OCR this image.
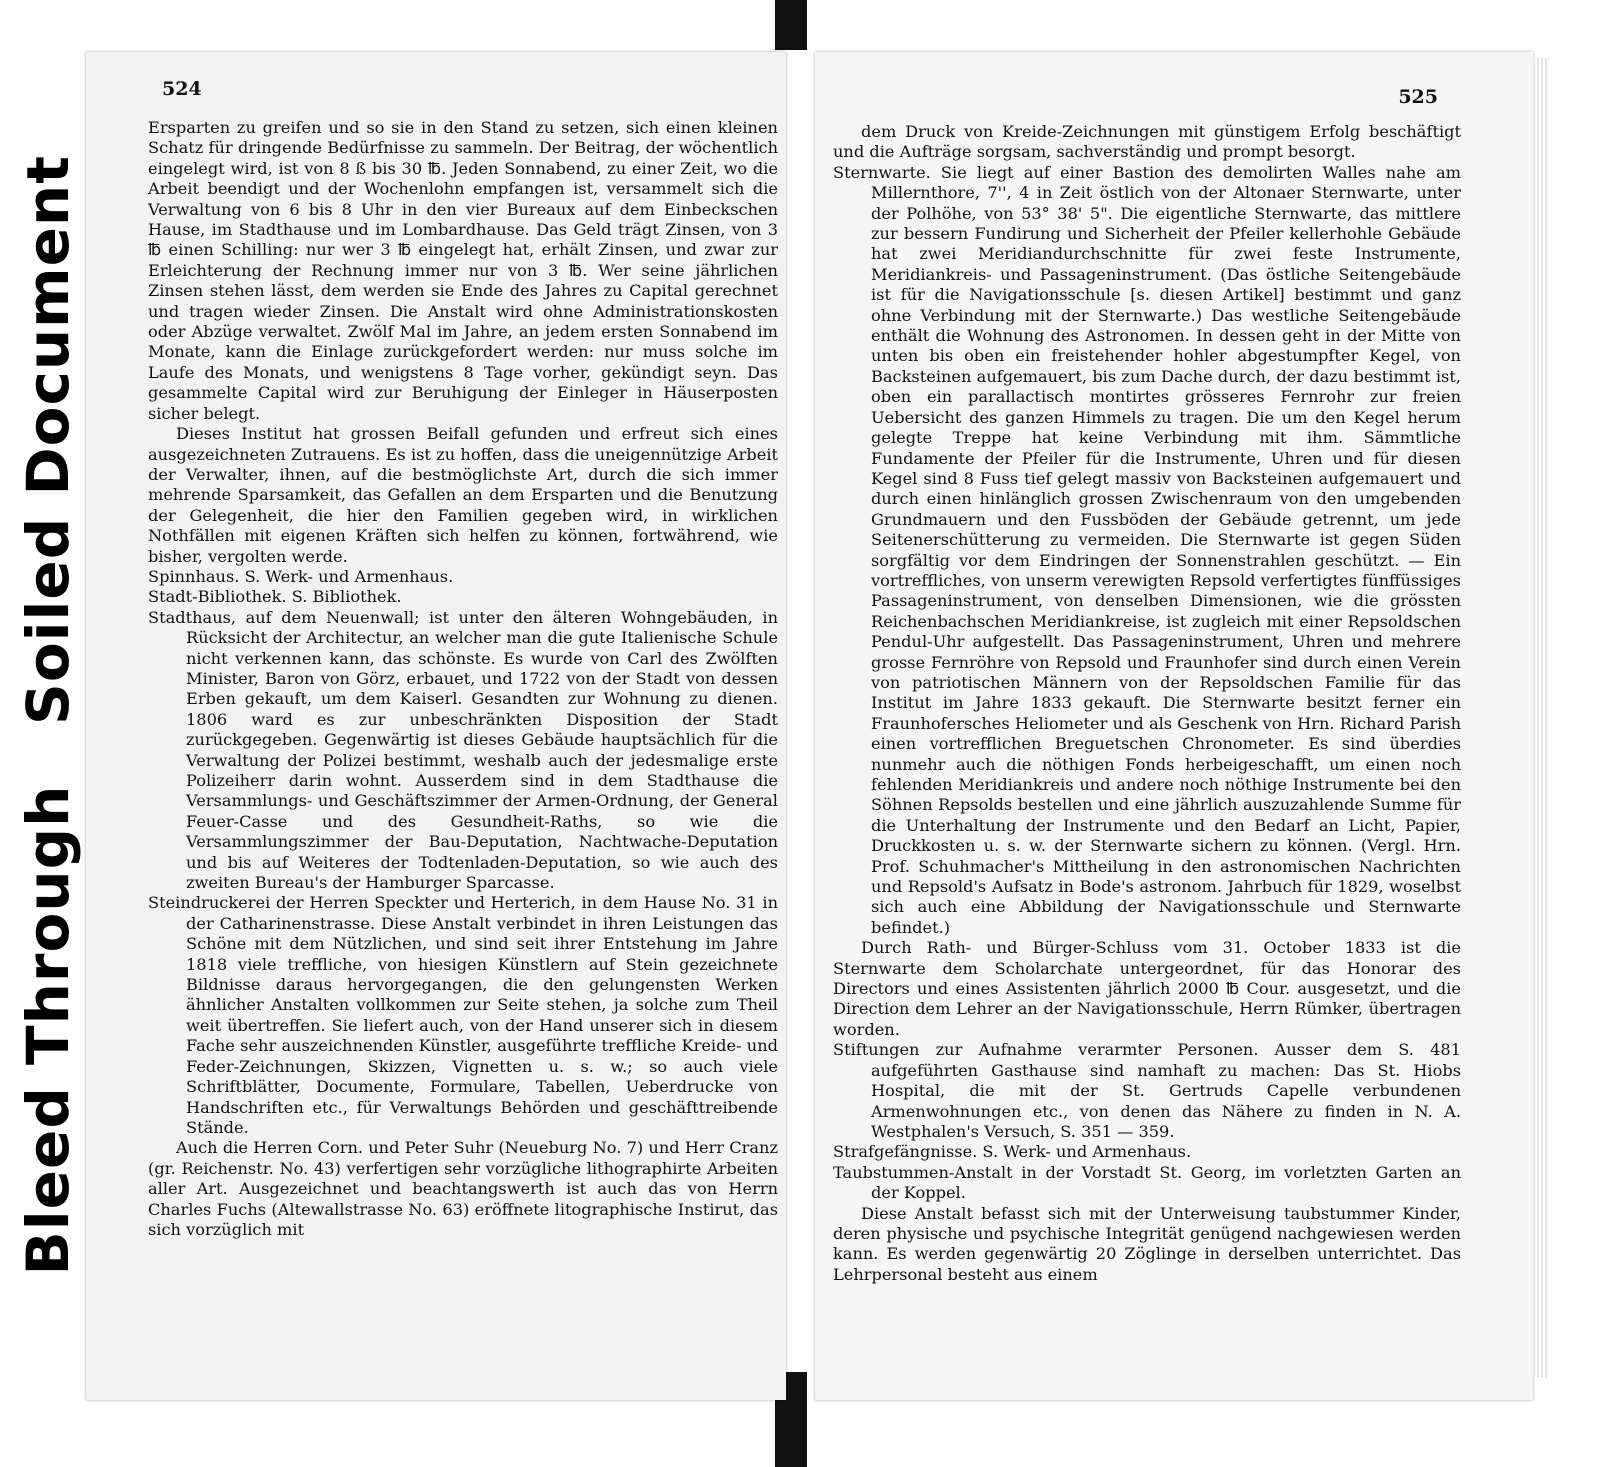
Soiled Document
Bleed Through
524

Ersparten zu greifen und so sie in den Stand zu setzen, sich einen kleinen Schatz für dringende Bedürfnisse zu sammeln. Der Beitrag, der wöchentlich eingelegt wird, ist von 8 ß bis 30 ℔. Jeden Sonnabend, zu einer Zeit, wo die Arbeit beendigt und der Wochenlohn empfangen ist, versammelt sich die Verwaltung von 6 bis 8 Uhr in den vier Bureaux auf dem Einbeckschen Hause, im Stadthause und im Lombardhause. Das Geld trägt Zinsen, von 3 ℔ einen Schilling: nur wer 3 ℔ eingelegt hat, erhält Zinsen, und zwar zur Erleichterung der Rechnung immer nur von 3 ℔. Wer seine jährlichen Zinsen stehen lässt, dem werden sie Ende des Jahres zu Capital gerechnet und tragen wieder Zinsen. Die Anstalt wird ohne Administrationskosten oder Abzüge verwaltet. Zwölf Mal im Jahre, an jedem ersten Sonnabend im Monate, kann die Einlage zurückgefordert werden: nur muss solche im Laufe des Monats, und wenigstens 8 Tage vorher, gekündigt seyn. Das gesammelte Capital wird zur Beruhigung der Einleger in Häuserposten sicher belegt.

Dieses Institut hat grossen Beifall gefunden und erfreut sich eines ausgezeichneten Zutrauens. Es ist zu hoffen, dass die uneigennützige Arbeit der Verwalter, ihnen, auf die bestmöglichste Art, durch die sich immer mehrende Sparsamkeit, das Gefallen an dem Ersparten und die Benutzung der Gelegenheit, die hier den Familien gegeben wird, in wirklichen Nothfällen mit eigenen Kräften sich helfen zu können, fortwährend, wie bisher, vergolten werde.

Spinnhaus. S. Werk- und Armenhaus.

Stadt-Bibliothek. S. Bibliothek.

Stadthaus, auf dem Neuenwall; ist unter den älteren Wohngebäuden, in Rücksicht der Architectur, an welcher man die gute Italienische Schule nicht verkennen kann, das schönste. Es wurde von Carl des Zwölften Minister, Baron von Görz, erbauet, und 1722 von der Stadt von dessen Erben gekauft, um dem Kaiserl. Gesandten zur Wohnung zu dienen. 1806 ward es zur unbeschränkten Disposition der Stadt zurückgegeben. Gegenwärtig ist dieses Gebäude hauptsächlich für die Verwaltung der Polizei bestimmt, weshalb auch der jedesmalige erste Polizeiherr darin wohnt. Ausserdem sind in dem Stadthause die Versammlungs- und Geschäftszimmer der Armen-Ordnung, der General Feuer-Casse und des Gesundheit-Raths, so wie die Versammlungszimmer der Bau-Deputation, Nachtwache-Deputation und bis auf Weiteres der Todtenladen-Deputation, so wie auch des zweiten Bureau's der Hamburger Sparcasse.

Steindruckerei der Herren Speckter und Herterich, in dem Hause No. 31 in der Catharinenstrasse. Diese Anstalt verbindet in ihren Leistungen das Schöne mit dem Nützlichen, und sind seit ihrer Entstehung im Jahre 1818 viele treffliche, von hiesigen Künstlern auf Stein gezeichnete Bildnisse daraus hervorgegangen, die den gelungensten Werken ähnlicher Anstalten vollkommen zur Seite stehen, ja solche zum Theil weit übertreffen. Sie liefert auch, von der Hand unserer sich in diesem Fache sehr auszeichnenden Künstler, ausgeführte treffliche Kreide- und Feder-Zeichnungen, Skizzen, Vignetten u. s. w.; so auch viele Schriftblätter, Documente, Formulare, Tabellen, Ueberdrucke von Handschriften etc., für Verwaltungs Behörden und geschäfttreibende Stände.

Auch die Herren Corn. und Peter Suhr (Neueburg No. 7) und Herr Cranz (gr. Reichenstr. No. 43) verfertigen sehr vorzügliche lithographirte Arbeiten aller Art. Ausgezeichnet und beachtangswerth ist auch das von Herrn Charles Fuchs (Altewallstrasse No. 63) eröffnete litographische Instirut, das sich vorzüglich mit

525

dem Druck von Kreide-Zeichnungen mit günstigem Erfolg beschäftigt und die Aufträge sorgsam, sachverständig und prompt besorgt.

Sternwarte. Sie liegt auf einer Bastion des demolirten Walles nahe am Millernthore, 7'', 4 in Zeit östlich von der Altonaer Sternwarte, unter der Polhöhe, von 53° 38' 5". Die eigentliche Sternwarte, das mittlere zur bessern Fundirung und Sicherheit der Pfeiler kellerhohle Gebäude hat zwei Meridiandurchschnitte für zwei feste Instrumente, Meridiankreis- und Passageninstrument. (Das östliche Seitengebäude ist für die Navigationsschule [s. diesen Artikel] bestimmt und ganz ohne Verbindung mit der Sternwarte.) Das westliche Seitengebäude enthält die Wohnung des Astronomen. In dessen geht in der Mitte von unten bis oben ein freistehender hohler abgestumpfter Kegel, von Backsteinen aufgemauert, bis zum Dache durch, der dazu bestimmt ist, oben ein parallactisch montirtes grösseres Fernrohr zur freien Uebersicht des ganzen Himmels zu tragen. Die um den Kegel herum gelegte Treppe hat keine Verbindung mit ihm. Sämmtliche Fundamente der Pfeiler für die Instrumente, Uhren und für diesen Kegel sind 8 Fuss tief gelegt massiv von Backsteinen aufgemauert und durch einen hinlänglich grossen Zwischenraum von den umgebenden Grundmauern und den Fussböden der Gebäude getrennt, um jede Seitenerschütterung zu vermeiden. Die Sternwarte ist gegen Süden sorgfältig vor dem Eindringen der Sonnenstrahlen geschützt. — Ein vortreffliches, von unserm verewigten Repsold verfertigtes fünffüssiges Passageninstrument, von denselben Dimensionen, wie die grössten Reichenbachschen Meridiankreise, ist zugleich mit einer Repsoldschen Pendul-Uhr aufgestellt. Das Passageninstrument, Uhren und mehrere grosse Fernröhre von Repsold und Fraunhofer sind durch einen Verein von patriotischen Männern von der Repsoldschen Familie für das Institut im Jahre 1833 gekauft. Die Sternwarte besitzt ferner ein Fraunhofersches Heliometer und als Geschenk von Hrn. Richard Parish einen vortrefflichen Breguetschen Chronometer. Es sind überdies nunmehr auch die nöthigen Fonds herbeigeschafft, um einen noch fehlenden Meridiankreis und andere noch nöthige Instrumente bei den Söhnen Repsolds bestellen und eine jährlich auszuzahlende Summe für die Unterhaltung der Instrumente und den Bedarf an Licht, Papier, Druckkosten u. s. w. der Sternwarte sichern zu können. (Vergl. Hrn. Prof. Schuhmacher's Mittheilung in den astronomischen Nachrichten und Repsold's Aufsatz in Bode's astronom. Jahrbuch für 1829, woselbst sich auch eine Abbildung der Navigationsschule und Sternwarte befindet.)

Durch Rath- und Bürger-Schluss vom 31. October 1833 ist die Sternwarte dem Scholarchate untergeordnet, für das Honorar des Directors und eines Assistenten jährlich 2000 ℔ Cour. ausgesetzt, und die Direction dem Lehrer an der Navigationsschule, Herrn Rümker, übertragen worden.

Stiftungen zur Aufnahme verarmter Personen. Ausser dem S. 481 aufgeführten Gasthause sind namhaft zu machen: Das St. Hiobs Hospital, die mit der St. Gertruds Capelle verbundenen Armenwohnungen etc., von denen das Nähere zu finden in N. A. Westphalen's Versuch, S. 351 — 359.

Strafgefängnisse. S. Werk- und Armenhaus.

Taubstummen-Anstalt in der Vorstadt St. Georg, im vorletzten Garten an der Koppel.

Diese Anstalt befasst sich mit der Unterweisung taubstummer Kinder, deren physische und psychische Integrität genügend nachgewiesen werden kann. Es werden gegenwärtig 20 Zöglinge in derselben unterrichtet. Das Lehrpersonal besteht aus einem
